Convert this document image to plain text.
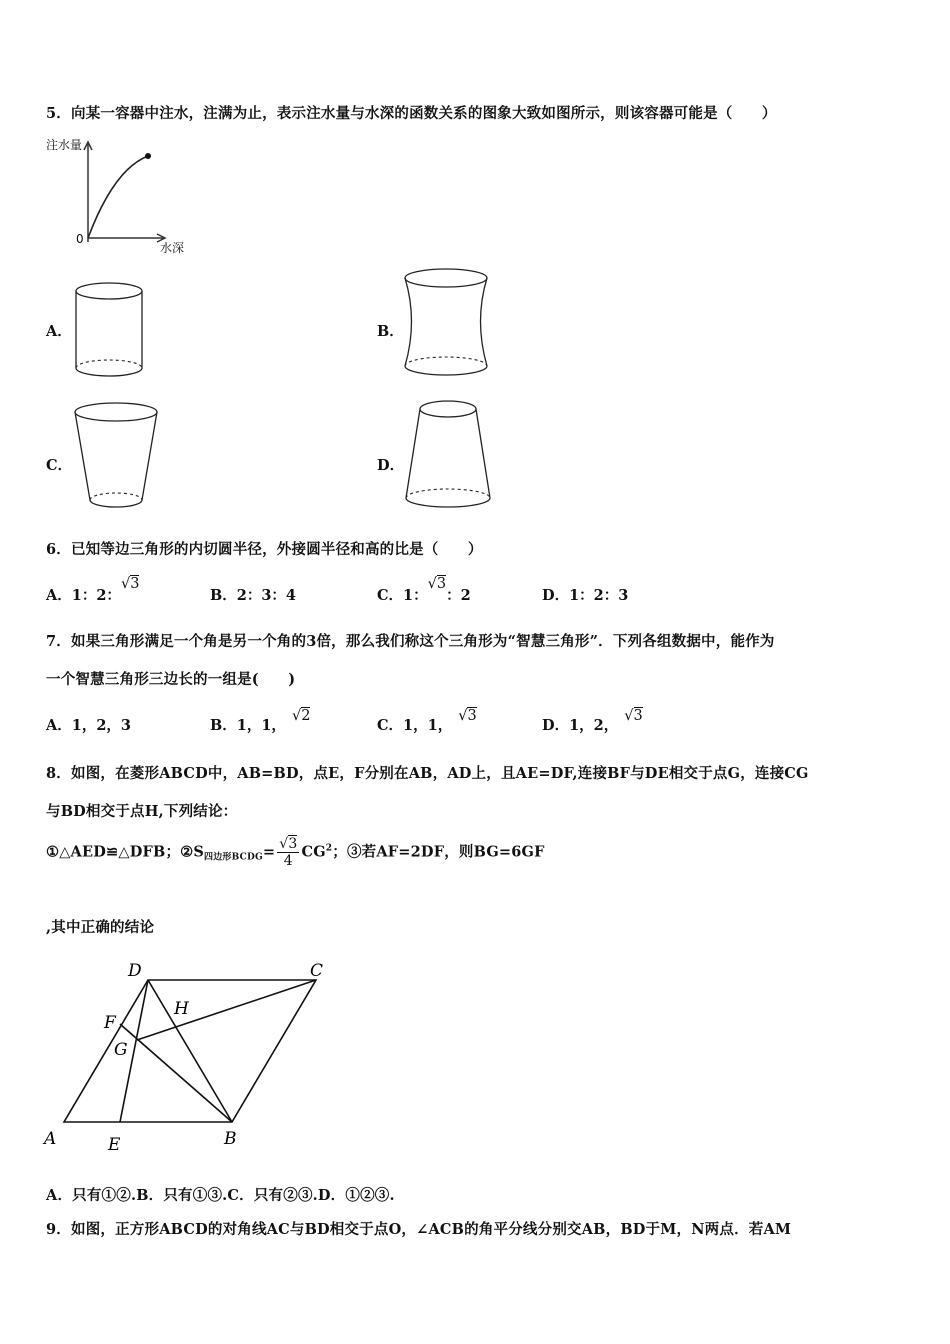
5．向某一容器中注水，注满为止，表示注水量与水深的函数关系的图象大致如图所示，则该容器可能是（　　）
注水量
水深
0
A．	B．
C．	D．
6．已知等边三角形的内切圆半径，外接圆半径和高的比是（　　）
A．1：2：√3
B．2：3：4	C．1：√3：2	D．1：2：3
7．如果三角形满足一个角是另一个角的3倍，那么我们称这个三角形为“智慧三角形”．下列各组数据中，能作为
一个智慧三角形三边长的一组是(　　)
A．1，2，3	B．1，1，√2
C．1，1，√3
D．1，2，√3
8．如图，在菱形ABCD中，AB=BD，点E，F分别在AB，AD上，且AE=DF,连接BF与DE相交于点G，连接CG
与BD相交于点H,下列结论：
①△AED≌△DFB；$②S_{四边形BCDG}= \frac{√3}{4} CG^2$；③若AF=2DF，则BG=6GF
,其中正确的结论
A	E	B
C
D
F
G
H
A．只有①②.B．只有①③.C．只有②③.D．①②③.
9．如图，正方形ABCD的对角线AC与BD相交于点O，∠ACB的角平分线分别交AB，BD于M，N两点．若AM
